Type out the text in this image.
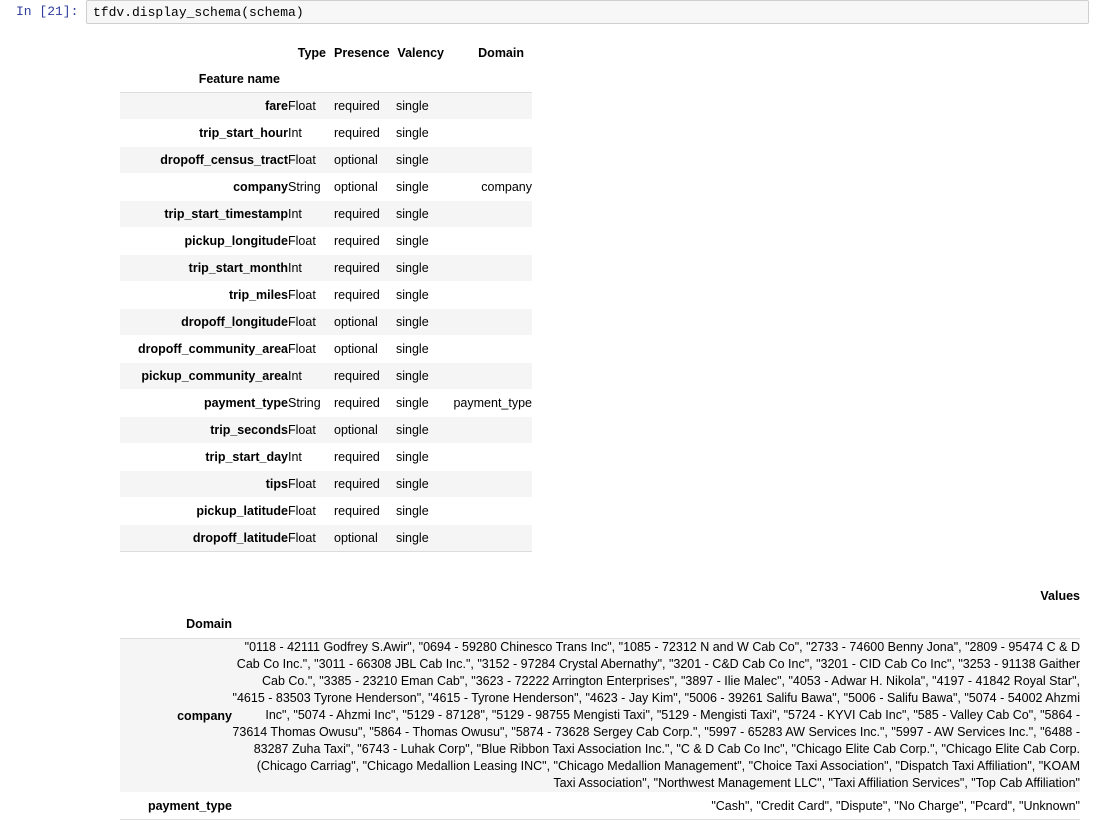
In [21]:	tfdv.display_schema(schema)
	Type	Presence	Valency	Domain
Feature name				
fare	Float	required	single	
trip_start_hour	Int	required	single	
dropoff_census_tract	Float	optional	single	
company	String	optional	single	company
trip_start_timestamp	Int	required	single	
pickup_longitude	Float	required	single	
trip_start_month	Int	required	single	
trip_miles	Float	required	single	
dropoff_longitude	Float	optional	single	
dropoff_community_area	Float	optional	single	
pickup_community_area	Int	required	single	
payment_type	String	required	single	payment_type
trip_seconds	Float	optional	single	
trip_start_day	Int	required	single	
tips	Float	required	single	
pickup_latitude	Float	required	single	
dropoff_latitude	Float	optional	single	
	Values
Domain	
company	"0118 - 42111 Godfrey S.Awir", "0694 - 59280 Chinesco Trans Inc", "1085 - 72312 N and W Cab Co", "2733 - 74600 Benny Jona", "2809 - 95474 C & D Cab Co Inc.", "3011 - 66308 JBL Cab Inc.", "3152 - 97284 Crystal Abernathy", "3201 - C&D Cab Co Inc", "3201 - CID Cab Co Inc", "3253 - 91138 Gaither Cab Co.", "3385 - 23210 Eman Cab", "3623 - 72222 Arrington Enterprises", "3897 - Ilie Malec", "4053 - Adwar H. Nikola", "4197 - 41842 Royal Star", "4615 - 83503 Tyrone Henderson", "4615 - Tyrone Henderson", "4623 - Jay Kim", "5006 - 39261 Salifu Bawa", "5006 - Salifu Bawa", "5074 - 54002 Ahzmi Inc", "5074 - Ahzmi Inc", "5129 - 87128", "5129 - 98755 Mengisti Taxi", "5129 - Mengisti Taxi", "5724 - KYVI Cab Inc", "585 - Valley Cab Co", "5864 - 73614 Thomas Owusu", "5864 - Thomas Owusu", "5874 - 73628 Sergey Cab Corp.", "5997 - 65283 AW Services Inc.", "5997 - AW Services Inc.", "6488 - 83287 Zuha Taxi", "6743 - Luhak Corp", "Blue Ribbon Taxi Association Inc.", "C & D Cab Co Inc", "Chicago Elite Cab Corp.", "Chicago Elite Cab Corp. (Chicago Carriag", "Chicago Medallion Leasing INC", "Chicago Medallion Management", "Choice Taxi Association", "Dispatch Taxi Affiliation", "KOAM Taxi Association", "Northwest Management LLC", "Taxi Affiliation Services", "Top Cab Affiliation"
payment_type	"Cash", "Credit Card", "Dispute", "No Charge", "Pcard", "Unknown"
